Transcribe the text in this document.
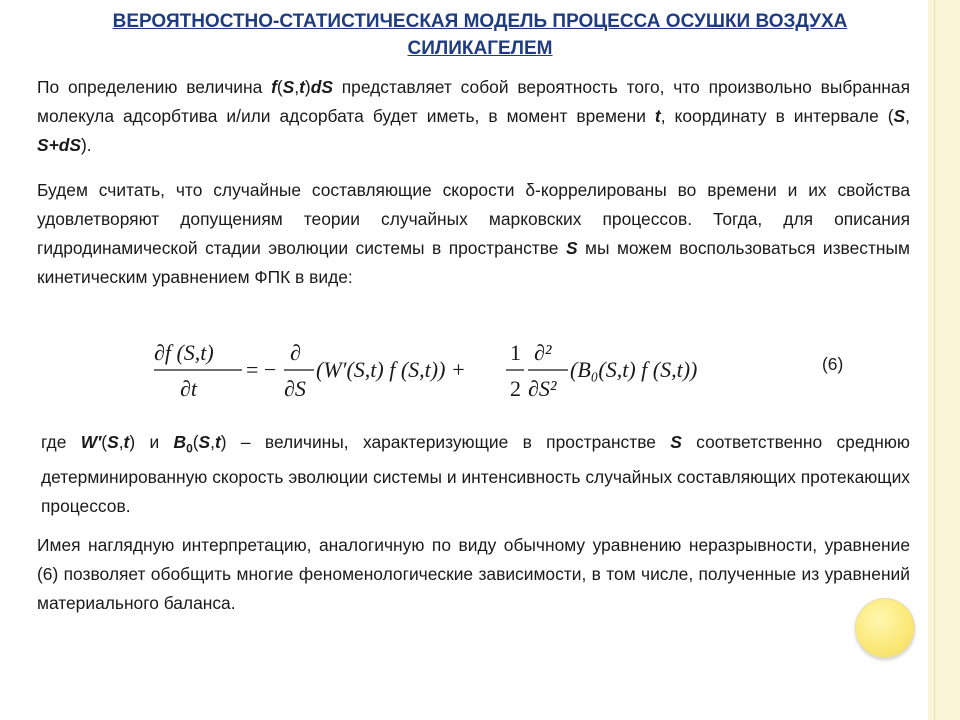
ВЕРОЯТНОСТНО-СТАТИСТИЧЕСКАЯ МОДЕЛЬ ПРОЦЕССА ОСУШКИ ВОЗДУХА
СИЛИКАГЕЛЕМ
По определению величина f(S,t)dS представляет собой вероятность того, что произвольно выбранная молекула адсорбтива и/или адсорбата будет иметь, в момент времени t, координату в интервале (S, S+dS).
Будем считать, что случайные составляющие скорости δ-коррелированы во времени и их свойства удовлетворяют допущениям теории случайных марковских процессов. Тогда, для описания гидродинамической стадии эволюции системы в пространстве S мы можем воспользоваться известным кинетическим уравнением ФПК в виде:
∂f (S,t)
∂t
= −
∂
∂S
(W′(S,t) f (S,t)) +
1
2
∂²
∂S²
(B₀(S,t) f (S,t))	(6)
где W′(S,t) и $B_0(S,t)$ – величины, характеризующие в пространстве S соответственно среднюю детерминированную скорость эволюции системы и интенсивность случайных составляющих протекающих процессов.
Имея наглядную интерпретацию, аналогичную по виду обычному уравнению неразрывности, уравнение (6) позволяет обобщить многие феноменологические зависимости, в том числе, полученные из уравнений материального баланса.
